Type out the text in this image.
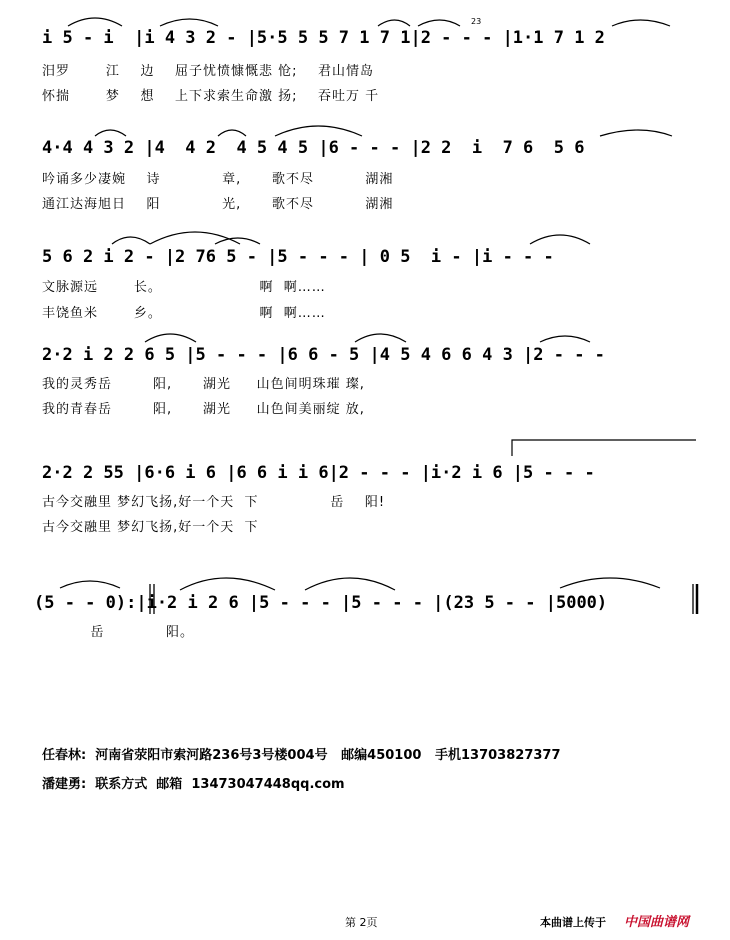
i 5 - i  |i 4 3 2 - |5·5 5 5 7 1 7 1|2 - - - |1·1 7 1 2
汨罗       江    边    屈子忧愤慷慨悲 怆;    君山情岛
怀揣       梦    想    上下求索生命激 扬;    吞吐万 千
4·4 4 3 2 |4  4 2  4 5 4 5 |6 - - - |2 2  i  7 6  5 6
吟诵多少凄婉    诗            章,      歌不尽          湖湘
通江达海旭日    阳            光,      歌不尽          湖湘
5 6 2 i 2 - |2 76 5 - |5 - - - | 0 5  i - |i - - -
文脉源远       长。                   啊  啊……
丰饶鱼米       乡。                   啊  啊……
2·2 i 2 2 6 5 |5 - - - |6 6 - 5 |4 5 4 6 6 4 3 |2 - - -
我的灵秀岳        阳,      湖光     山色间明珠璀 璨,
我的青春岳        阳,      湖光     山色间美丽绽 放,
2·2 2 55 |6·6 i 6 |6 6 i i 6|2 - - - |i·2 i 6 |5 - - -
古今交融里 梦幻飞扬,好一个天  下              岳    阳!
古今交融里 梦幻飞扬,好一个天  下
(5 - - 0):|i·2 i 2 6 |5 - - - |5 - - - |(23 5 - - |5000)
岳            阳。
23
任春林:  河南省荥阳市索河路236号3号楼004号   邮编450100   手机13703827377
潘建勇:  联系方式  邮箱  13473047448qq.com
第 2页	本曲谱上传于 中国曲谱网
